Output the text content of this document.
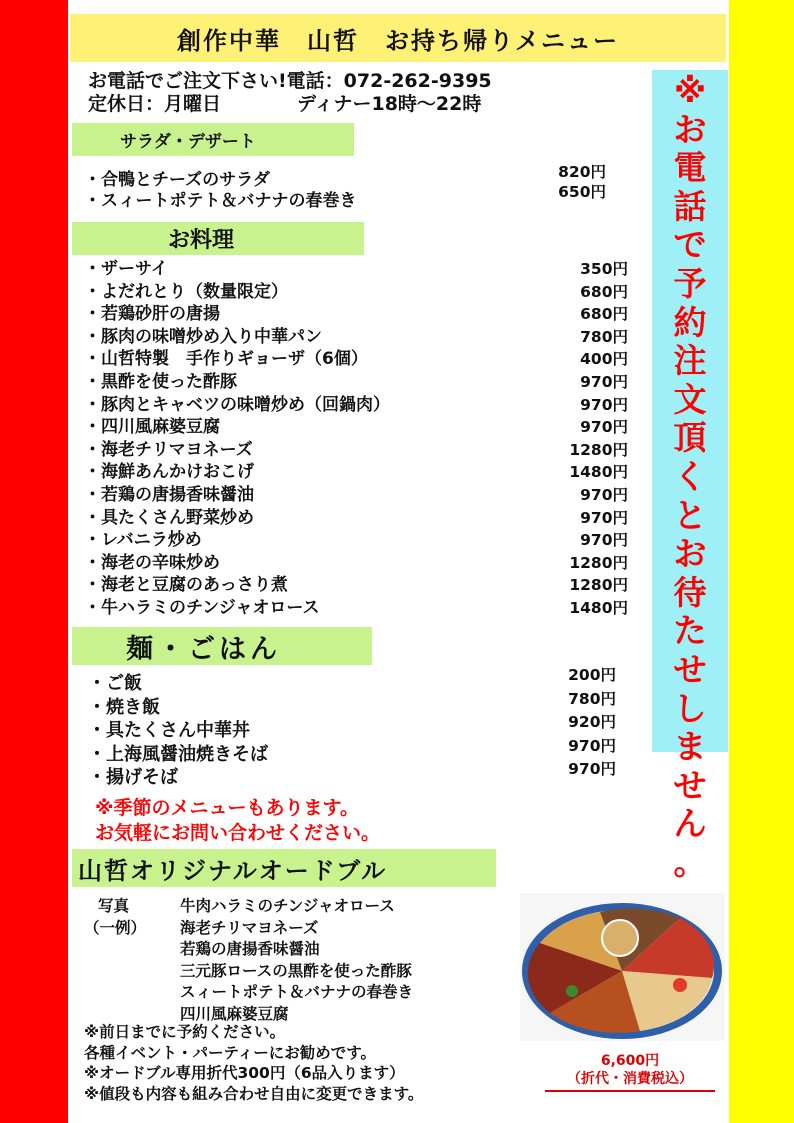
創作中華　山哲　お持ち帰りメニュー
お電話でご注文下さい!電話：072-262-9395
定休日：月曜日　　　　ディナー18時～22時	※
お
電
話
で
予
約
注
文
頂
く
と
お
待
た
せ
し
ま
せ
ん
。
サラダ・デザート
・合鴨とチーズのサラダ
・スィートポテト＆バナナの春巻き
820円
650円
お料理
・ザーサイ
・よだれとり（数量限定）
・若鶏砂肝の唐揚
・豚肉の味噌炒め入り中華パン
・山哲特製　手作りギョーザ（6個）
・黒酢を使った酢豚
・豚肉とキャベツの味噌炒め（回鍋肉）
・四川風麻婆豆腐
・海老チリマヨネーズ
・海鮮あんかけおこげ
・若鶏の唐揚香味醤油
・具たくさん野菜炒め
・レバニラ炒め
・海老の辛味炒め
・海老と豆腐のあっさり煮
・牛ハラミのチンジャオロース
350円
680円
680円
780円
400円
970円
970円
970円
1280円
1480円
970円
970円
970円
1280円
1280円
1480円
麺・ごはん
・ご飯
・焼き飯
・具たくさん中華丼
・上海風醤油焼きそば
・揚げそば
200円
780円
920円
970円
970円
※季節のメニューもあります。
お気軽にお問い合わせください。
山哲オリジナルオードブル
写真
（一例）
牛肉ハラミのチンジャオロース
海老チリマヨネーズ
若鶏の唐揚香味醤油
三元豚ロースの黒酢を使った酢豚
スィートポテト＆バナナの春巻き
四川風麻婆豆腐
6,600円
（折代・消費税込）
※前日までに予約ください。
各種イベント・パーティーにお勧めです。
※オードブル専用折代300円（6品入ります）
※値段も内容も組み合わせ自由に変更できます。
